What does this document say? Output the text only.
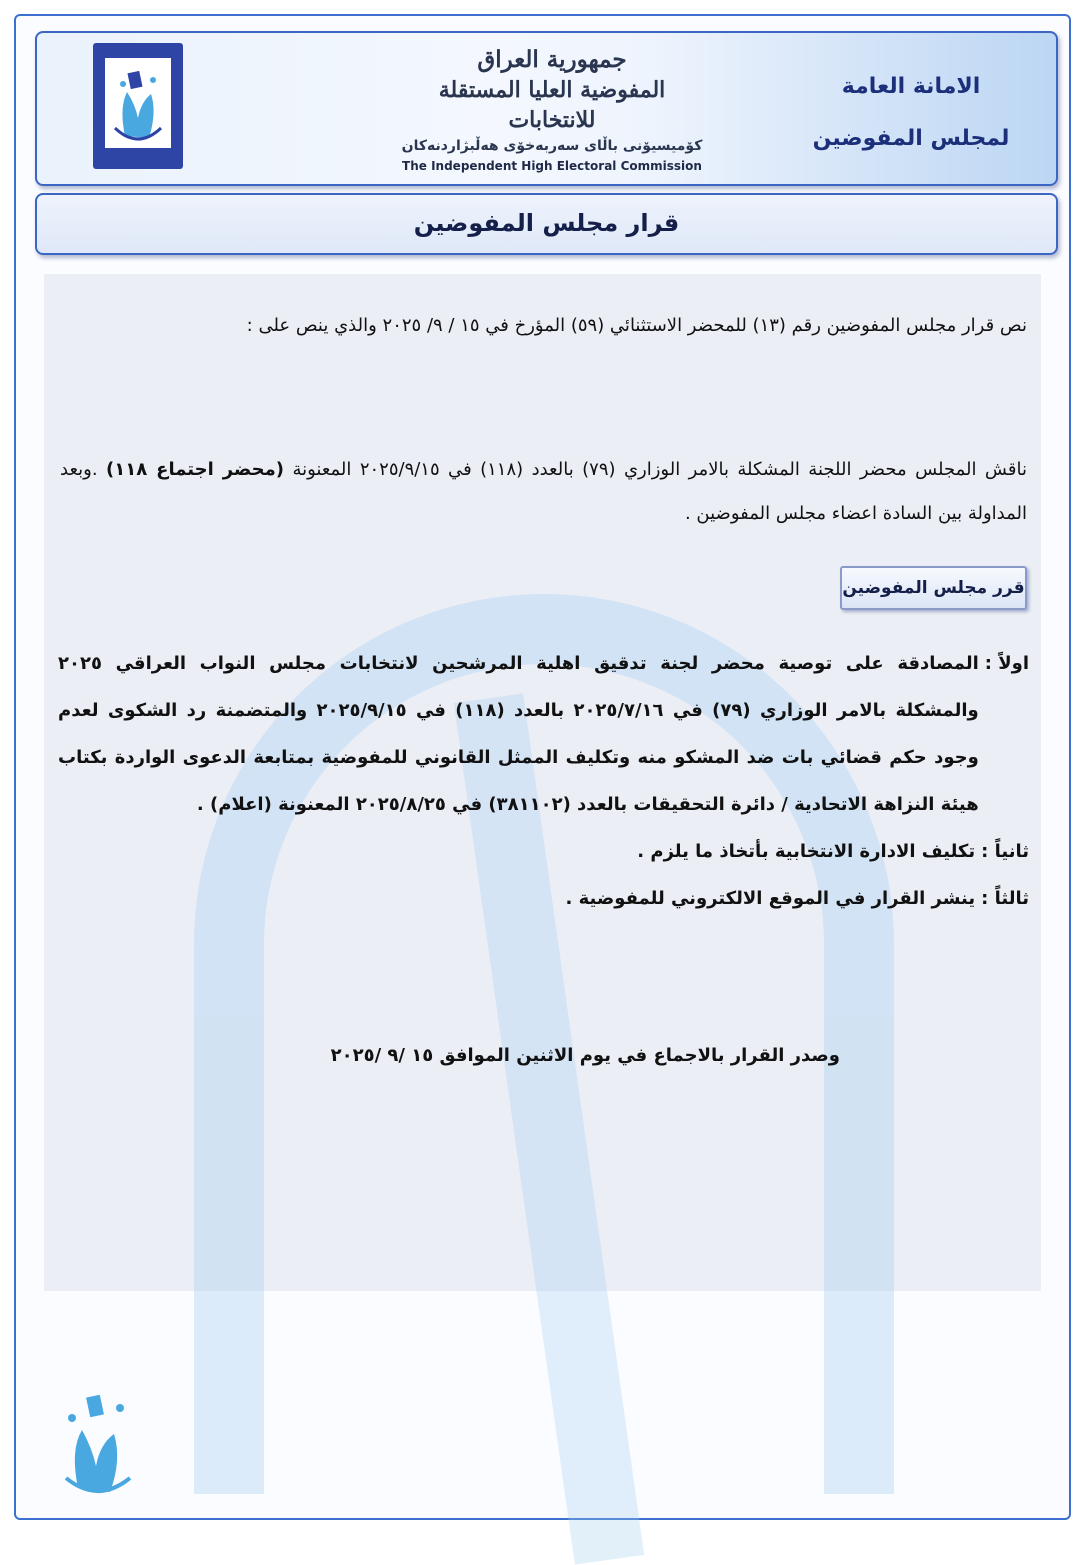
جمهورية العراق
المفوضية العليا المستقلة للانتخابات
كۆمیسیۆنی باڵای سەربەخۆی هەڵبژاردنەکان
The Independent High Electoral Commission
الامانة العامة
لمجلس المفوضين
قرار مجلس المفوضين
نص قرار مجلس المفوضين رقم (١٣) للمحضر الاستثنائي (٥٩) المؤرخ في ١٥ / ٩/ ٢٠٢٥ والذي ينص على :
ناقش المجلس محضر اللجنة المشكلة بالامر الوزاري (٧٩) بالعدد (١١٨) في ٢٠٢٥/٩/١٥ المعنونة (محضر اجتماع ١١٨) .وبعد المداولة بين السادة اعضاء مجلس المفوضين .
قرر مجلس المفوضين
اولاً :
المصادقة على توصية محضر لجنة تدقيق اهلية المرشحين لانتخابات مجلس النواب العراقي ٢٠٢٥ والمشكلة بالامر الوزاري (٧٩) في ٢٠٢٥/٧/١٦ بالعدد (١١٨) في ٢٠٢٥/٩/١٥ والمتضمنة رد الشكوى لعدم وجود حكم قضائي بات ضد المشكو منه وتكليف الممثل القانوني للمفوضية بمتابعة الدعوى الواردة بكتاب هيئة النزاهة الاتحادية / دائرة التحقيقات بالعدد (٣٨١١٠٢) في ٢٠٢٥/٨/٢٥ المعنونة (اعلام) .
ثانياً :
تكليف الادارة الانتخابية بأتخاذ ما يلزم .
ثالثاً :
ينشر القرار في الموقع الالكتروني للمفوضية .
وصدر القرار بالاجماع في يوم الاثنين الموافق ١٥ /٩ /٢٠٢٥
